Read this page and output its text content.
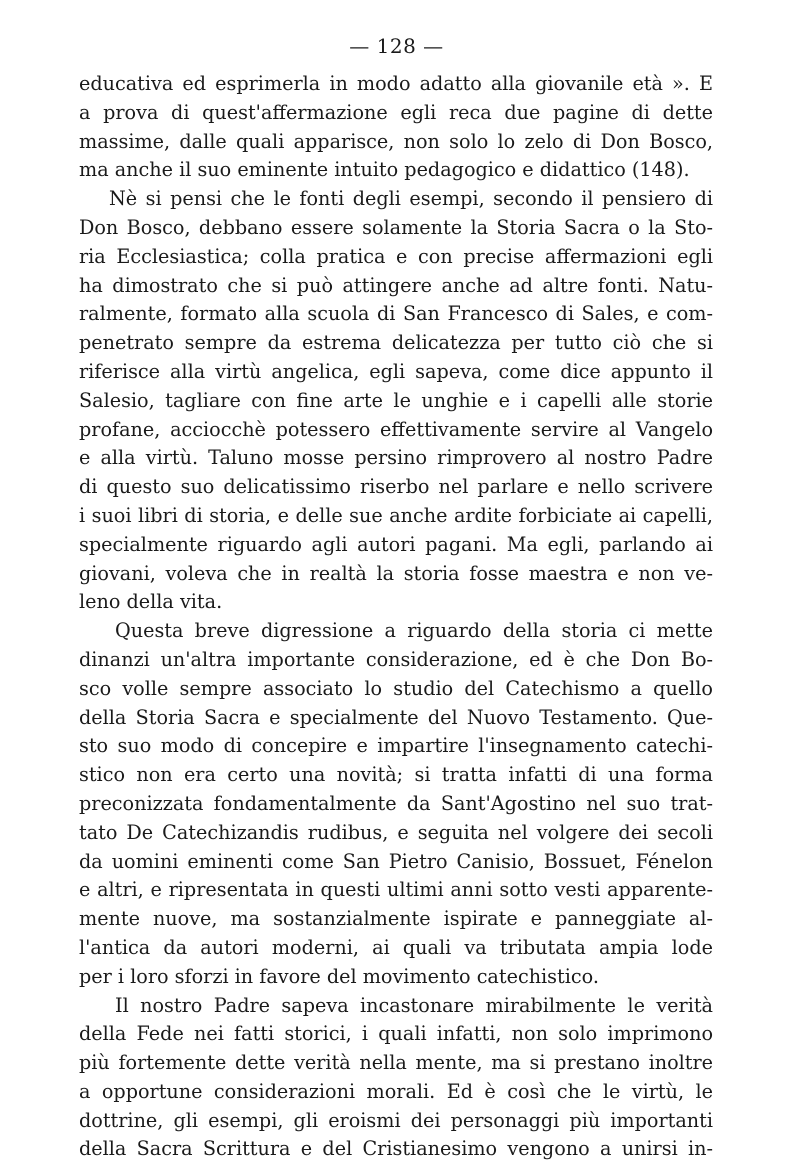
— 128 —
educativa ed esprimerla in modo adatto alla giovanile età ». E
a prova di quest'affermazione egli reca due pagine di dette
massime, dalle quali apparisce, non solo lo zelo di Don Bosco,
ma anche il suo eminente intuito pedagogico e didattico (148).
Nè si pensi che le fonti degli esempi, secondo il pensiero di
Don Bosco, debbano essere solamente la Storia Sacra o la Sto-
ria Ecclesiastica; colla pratica e con precise affermazioni egli
ha dimostrato che si può attingere anche ad altre fonti. Natu-
ralmente, formato alla scuola di San Francesco di Sales, e com-
penetrato sempre da estrema delicatezza per tutto ciò che si
riferisce alla virtù angelica, egli sapeva, come dice appunto il
Salesio, tagliare con fine arte le unghie e i capelli alle storie
profane, acciocchè potessero effettivamente servire al Vangelo
e alla virtù. Taluno mosse persino rimprovero al nostro Padre
di questo suo delicatissimo riserbo nel parlare e nello scrivere
i suoi libri di storia, e delle sue anche ardite forbiciate ai capelli,
specialmente riguardo agli autori pagani. Ma egli, parlando ai
giovani, voleva che in realtà la storia fosse maestra e non ve-
leno della vita.
Questa breve digressione a riguardo della storia ci mette
dinanzi un'altra importante considerazione, ed è che Don Bo-
sco volle sempre associato lo studio del Catechismo a quello
della Storia Sacra e specialmente del Nuovo Testamento. Que-
sto suo modo di concepire e impartire l'insegnamento catechi-
stico non era certo una novità; si tratta infatti di una forma
preconizzata fondamentalmente da Sant'Agostino nel suo trat-
tato De Catechizandis rudibus, e seguita nel volgere dei secoli
da uomini eminenti come San Pietro Canisio, Bossuet, Fénelon
e altri, e ripresentata in questi ultimi anni sotto vesti apparente-
mente nuove, ma sostanzialmente ispirate e panneggiate al-
l'antica da autori moderni, ai quali va tributata ampia lode
per i loro sforzi in favore del movimento catechistico.
Il nostro Padre sapeva incastonare mirabilmente le verità
della Fede nei fatti storici, i quali infatti, non solo imprimono
più fortemente dette verità nella mente, ma si prestano inoltre
a opportune considerazioni morali. Ed è così che le virtù, le
dottrine, gli esempi, gli eroismi dei personaggi più importanti
della Sacra Scrittura e del Cristianesimo vengono a unirsi in-
